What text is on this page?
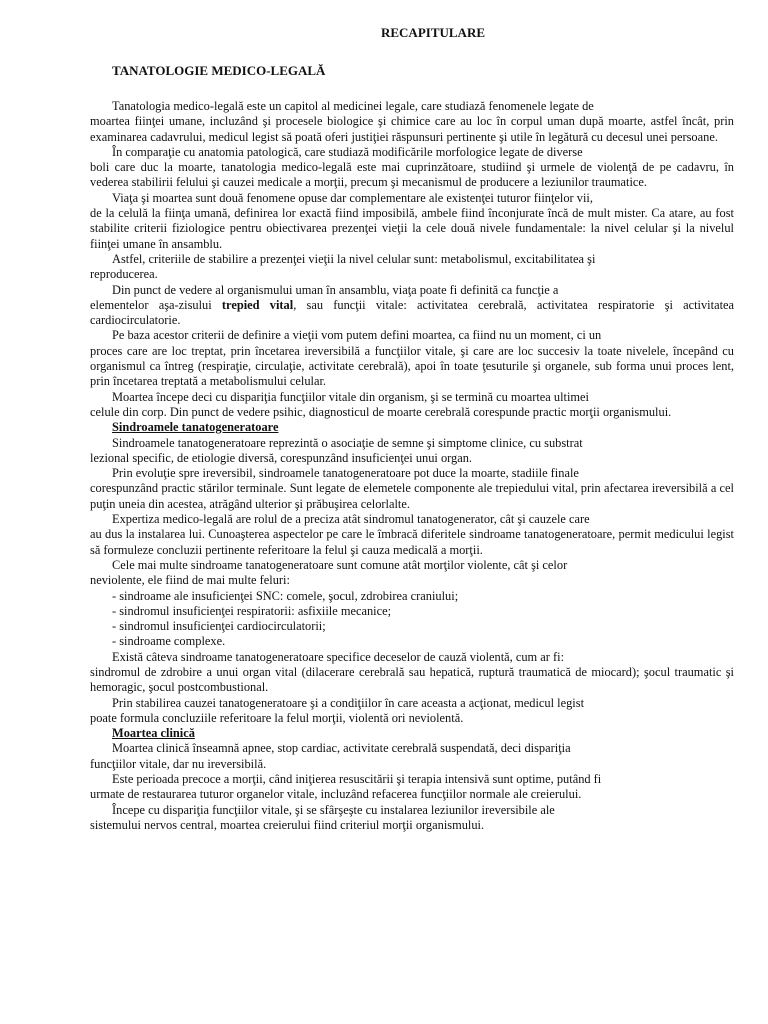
RECAPITULARE
TANATOLOGIE MEDICO-LEGALĂ

Tanatologia medico-legală este un capitol al medicinei legale, care studiază fenomenele legate de

moartea fiinţei umane, incluzând şi procesele biologice şi chimice care au loc în corpul uman după moarte, astfel încât, prin examinarea cadavrului, medicul legist să poată oferi justiţiei răspunsuri pertinente şi utile în legătură cu decesul unei persoane.

În comparaţie cu anatomia patologică, care studiază modificările morfologice legate de diverse

boli care duc la moarte, tanatologia medico-legală este mai cuprinzătoare, studiind şi urmele de violenţă de pe cadavru, în vederea stabilirii felului şi cauzei medicale a morţii, precum şi mecanismul de producere a leziunilor traumatice.

Viaţa şi moartea sunt două fenomene opuse dar complementare ale existenţei tuturor fiinţelor vii,

de la celulă la fiinţa umană, definirea lor exactă fiind imposibilă, ambele fiind înconjurate încă de mult mister. Ca atare, au fost stabilite criterii fiziologice pentru obiectivarea prezenţei vieţii la cele două nivele fundamentale: la nivel celular şi la nivelul fiinţei umane în ansamblu.

Astfel, criteriile de stabilire a prezenţei vieţii la nivel celular sunt: metabolismul, excitabilitatea şi

reproducerea.

Din punct de vedere al organismului uman în ansamblu, viaţa poate fi definită ca funcţie a

elementelor aşa-zisului trepied vital, sau funcţii vitale: activitatea cerebrală, activitatea respiratorie şi activitatea cardiocirculatorie.

Pe baza acestor criterii de definire a vieţii vom putem defini moartea, ca fiind nu un moment, ci un

proces care are loc treptat, prin încetarea ireversibilă a funcţiilor vitale, şi care are loc succesiv la toate nivelele, începând cu organismul ca întreg (respiraţie, circulaţie, activitate cerebrală), apoi în toate ţesuturile şi organele, sub forma unui proces lent, prin încetarea treptată a metabolismului celular.

Moartea începe deci cu dispariţia funcţiilor vitale din organism, şi se termină cu moartea ultimei

celule din corp. Din punct de vedere psihic, diagnosticul de moarte cerebrală corespunde practic morţii organismului.

Sindroamele tanatogeneratoare

Sindroamele tanatogeneratoare reprezintă o asociaţie de semne şi simptome clinice, cu substrat

lezional specific, de etiologie diversă, corespunzând insuficienţei unui organ.

Prin evoluţie spre ireversibil, sindroamele tanatogeneratoare pot duce la moarte, stadiile finale

corespunzând practic stărilor terminale. Sunt legate de elemetele componente ale trepiedului vital, prin afectarea ireversibilă a cel puţin uneia din acestea, atrăgând ulterior şi prăbuşirea celorlalte.

Expertiza medico-legală are rolul de a preciza atât sindromul tanatogenerator, cât şi cauzele care

au dus la instalarea lui. Cunoaşterea aspectelor pe care le îmbracă diferitele sindroame tanatogeneratoare, permit medicului legist să formuleze concluzii pertinente referitoare la felul şi cauza medicală a morţii.

Cele mai multe sindroame tanatogeneratoare sunt comune atât morţilor violente, cât şi celor

neviolente, ele fiind de mai multe feluri:

- sindroame ale insuficienţei SNC: comele, şocul, zdrobirea craniului;
- sindromul insuficienţei respiratorii: asfixiile mecanice;
- sindromul insuficienţei cardiocirculatorii;
- sindroame complexe.

Există câteva sindroame tanatogeneratoare specifice deceselor de cauză violentă, cum ar fi:

sindromul de zdrobire a unui organ vital (dilacerare cerebrală sau hepatică, ruptură traumatică de miocard); şocul traumatic şi hemoragic, şocul postcombustional.

Prin stabilirea cauzei tanatogeneratoare şi a condiţiilor în care aceasta a acţionat, medicul legist

poate formula concluziile referitoare la felul morţii, violentă ori neviolentă.

Moartea clinică

Moartea clinică înseamnă apnee, stop cardiac, activitate cerebrală suspendată, deci dispariţia

funcţiilor vitale, dar nu ireversibilă.

Este perioada precoce a morţii, când iniţierea resuscitării şi terapia intensivă sunt optime, putând fi

urmate de restaurarea tuturor organelor vitale, incluzând refacerea funcţiilor normale ale creierului.

Începe cu dispariţia funcţiilor vitale, şi se sfârşeşte cu instalarea leziunilor ireversibile ale

sistemului nervos central, moartea creierului fiind criteriul morţii organismului.
